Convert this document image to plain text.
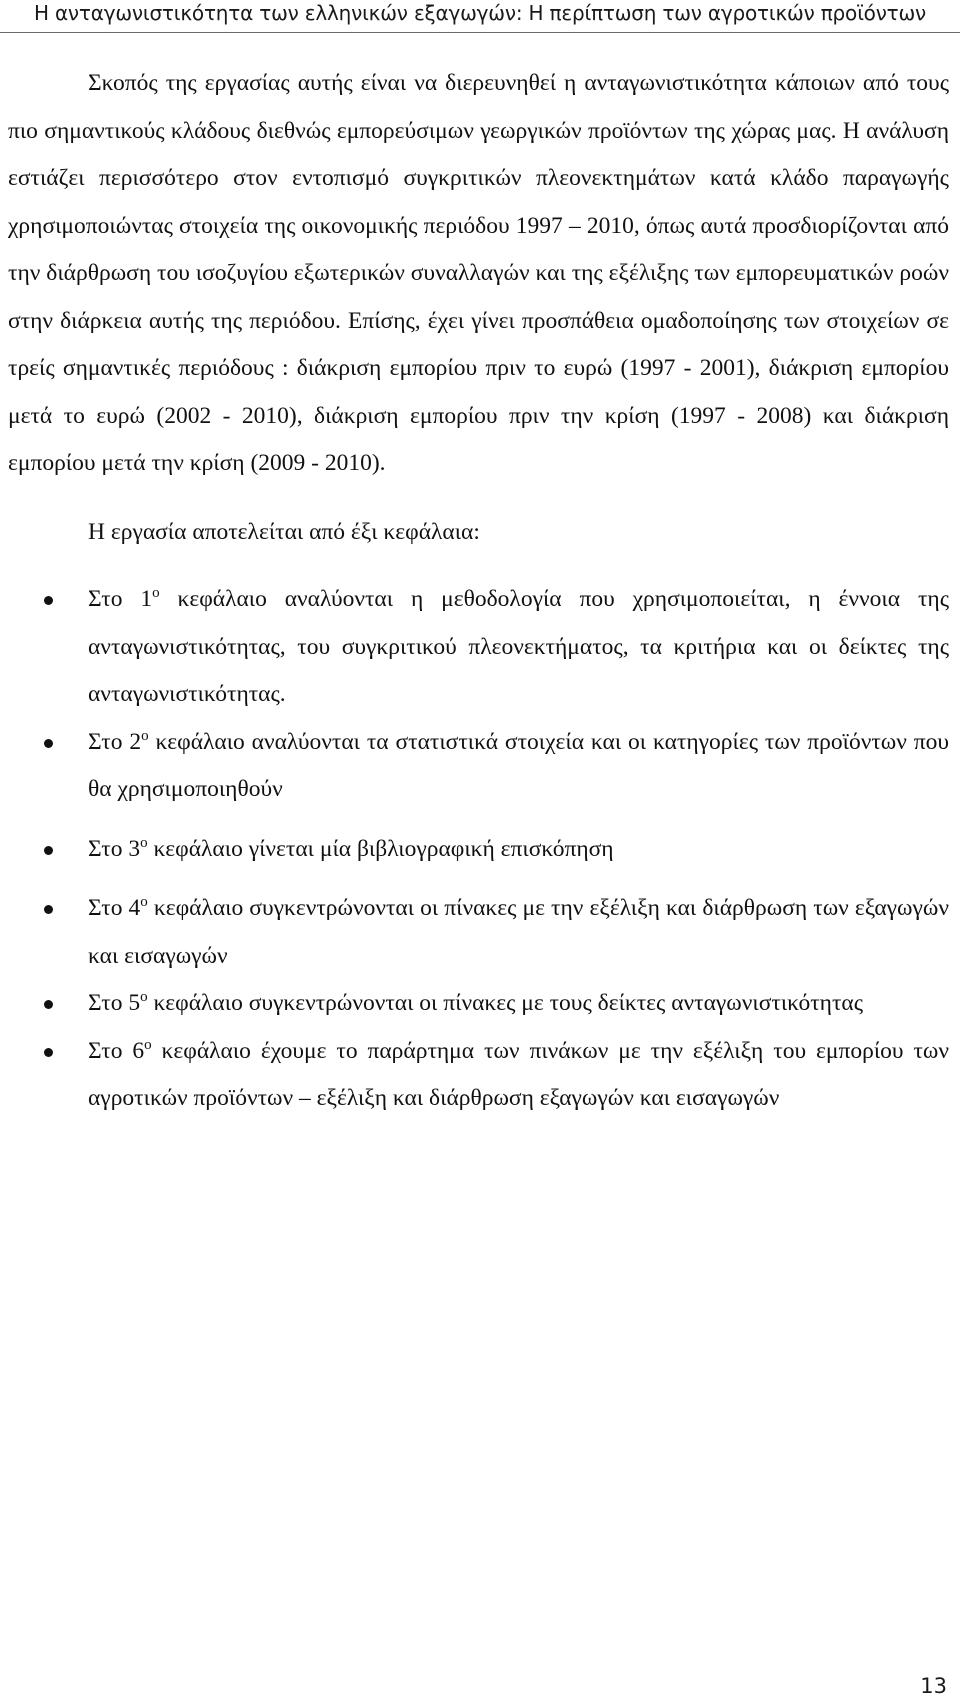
Η ανταγωνιστικότητα των ελληνικών εξαγωγών: Η περίπτωση των αγροτικών προϊόντων

Σκοπός της εργασίας αυτής είναι να διερευνηθεί η ανταγωνιστικότητα κάποιων από τους πιο σημαντικούς κλάδους διεθνώς εμπορεύσιμων γεωργικών προϊόντων της χώρας μας. Η ανάλυση εστιάζει περισσότερο στον εντοπισμό συγκριτικών πλεονεκτημάτων κατά κλάδο παραγωγής χρησιμοποιώντας στοιχεία της οικονομικής περιόδου 1997 – 2010, όπως αυτά προσδιορίζονται από την διάρθρωση του ισοζυγίου εξωτερικών συναλλαγών και της εξέλιξης των εμπορευματικών ροών στην διάρκεια αυτής της περιόδου. Επίσης, έχει γίνει προσπάθεια ομαδοποίησης των στοιχείων σε τρείς σημαντικές περιόδους : διάκριση εμπορίου πριν το ευρώ (1997 - 2001), διάκριση εμπορίου μετά το ευρώ (2002 - 2010), διάκριση εμπορίου πριν την κρίση (1997 - 2008) και διάκριση εμπορίου μετά την κρίση (2009 - 2010).

Η εργασία αποτελείται από έξι κεφάλαια:

Στο $1^o$ κεφάλαιο αναλύονται η μεθοδολογία που χρησιμοποιείται, η έννοια της ανταγωνιστικότητας, του συγκριτικού πλεονεκτήματος, τα κριτήρια και οι δείκτες της ανταγωνιστικότητας.
Στο $2^o$ κεφάλαιο αναλύονται τα στατιστικά στοιχεία και οι κατηγορίες των προϊόντων που θα χρησιμοποιηθούν
Στο $3^o$ κεφάλαιο γίνεται μία βιβλιογραφική επισκόπηση
Στο $4^o$ κεφάλαιο συγκεντρώνονται οι πίνακες με την εξέλιξη και διάρθρωση των εξαγωγών και εισαγωγών
Στο $5^o$ κεφάλαιο συγκεντρώνονται οι πίνακες με τους δείκτες ανταγωνιστικότητας
Στο $6^o$ κεφάλαιο έχουμε το παράρτημα των πινάκων με την εξέλιξη του εμπορίου των αγροτικών προϊόντων – εξέλιξη και διάρθρωση εξαγωγών και εισαγωγών
13
